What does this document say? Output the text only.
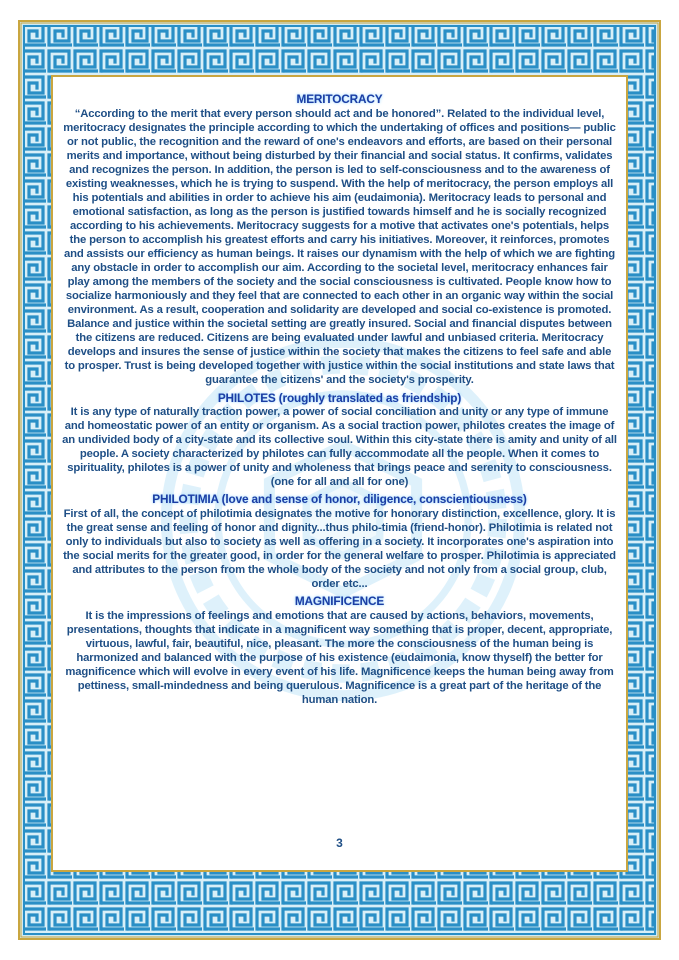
MERITOCRACY

“According to the merit that every person should act and be honored”. Related to the individual level, meritocracy designates the principle according to which the undertaking of offices and positions— public or not public, the recognition and the reward of one's endeavors and efforts, are based on their personal merits and importance, without being disturbed by their financial and social status. It confirms, validates and recognizes the person. In addition, the person is led to self-consciousness and to the awareness of existing weaknesses, which he is trying to suspend. With the help of meritocracy, the person employs all his potentials and abilities in order to achieve his aim (eudaimonia). Meritocracy leads to personal and emotional satisfaction, as long as the person is justified towards himself and he is socially recognized according to his achievements. Meritocracy suggests for a motive that activates one's potentials, helps the person to accomplish his greatest efforts and carry his initiatives. Moreover, it reinforces, promotes and assists our efficiency as human beings. It raises our dynamism with the help of which we are fighting any obstacle in order to accomplish our aim. According to the societal level, meritocracy enhances fair play among the members of the society and the social consciousness is cultivated. People know how to socialize harmoniously and they feel that are connected to each other in an organic way within the social environment. As a result, cooperation and solidarity are developed and social co-existence is promoted. Balance and justice within the societal setting are greatly insured. Social and financial disputes between the citizens are reduced. Citizens are being evaluated under lawful and unbiased criteria. Meritocracy develops and insures the sense of justice within the society that makes the citizens to feel safe and able to prosper. Trust is being developed together with justice within the social institutions and state laws that guarantee the citizens' and the society's prosperity.

PHILOTES (roughly translated as friendship)

It is any type of naturally traction power, a power of social conciliation and unity or any type of immune and homeostatic power of an entity or organism. As a social traction power, philotes creates the image of an undivided body of a city-state and its collective soul. Within this city-state there is amity and unity of all people. A society characterized by philotes can fully accommodate all the people. When it comes to spirituality, philotes is a power of unity and wholeness that brings peace and serenity to consciousness. (one for all and all for one)

PHILOTIMIA (love and sense of honor, diligence, conscientiousness)

First of all, the concept of philotimia designates the motive for honorary distinction, excellence, glory. It is the great sense and feeling of honor and dignity...thus philo-timia (friend-honor). Philotimia is related not only to individuals but also to society as well as offering in a society. It incorporates one's aspiration into the social merits for the greater good, in order for the general welfare to prosper. Philotimia is appreciated and attributes to the person from the whole body of the society and not only from a social group, club, order etc...

MAGNIFICENCE

It is the impressions of feelings and emotions that are caused by actions, behaviors, movements, presentations, thoughts that indicate in a magnificent way something that is proper, decent, appropriate, virtuous, lawful, fair, beautiful, nice, pleasant. The more the consciousness of the human being is harmonized and balanced with the purpose of his existence (eudaimonia, know thyself) the better for magnificence which will evolve in every event of his life. Magnificence keeps the human being away from pettiness, small-mindedness and being querulous. Magnificence is a great part of the heritage of the human nation.

3
